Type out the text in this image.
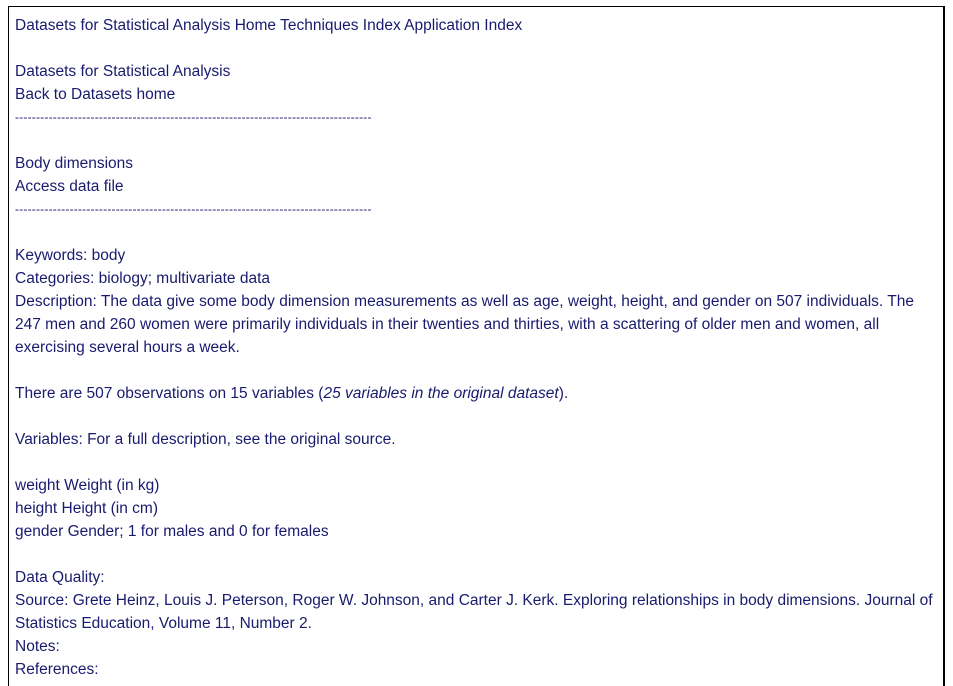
Datasets for Statistical Analysis Home Techniques Index Application Index
Datasets for Statistical Analysis
Back to Datasets home
-------------------------------------------------------------------------------------
Body dimensions
Access data file
-------------------------------------------------------------------------------------
Keywords: body
Categories: biology; multivariate data
Description: The data give some body dimension measurements as well as age, weight, height, and gender on 507 individuals. The 247 men and 260 women were primarily individuals in their twenties and thirties, with a scattering of older men and women, all exercising several hours a week.
There are 507 observations on 15 variables (25 variables in the original dataset).
Variables: For a full description, see the original source.
weight Weight (in kg)
height Height (in cm)
gender Gender; 1 for males and 0 for females
Data Quality:
Source: Grete Heinz, Louis J. Peterson, Roger W. Johnson, and Carter J. Kerk. Exploring relationships in body dimensions. Journal of Statistics Education, Volume 11, Number 2.
Notes:
References:
